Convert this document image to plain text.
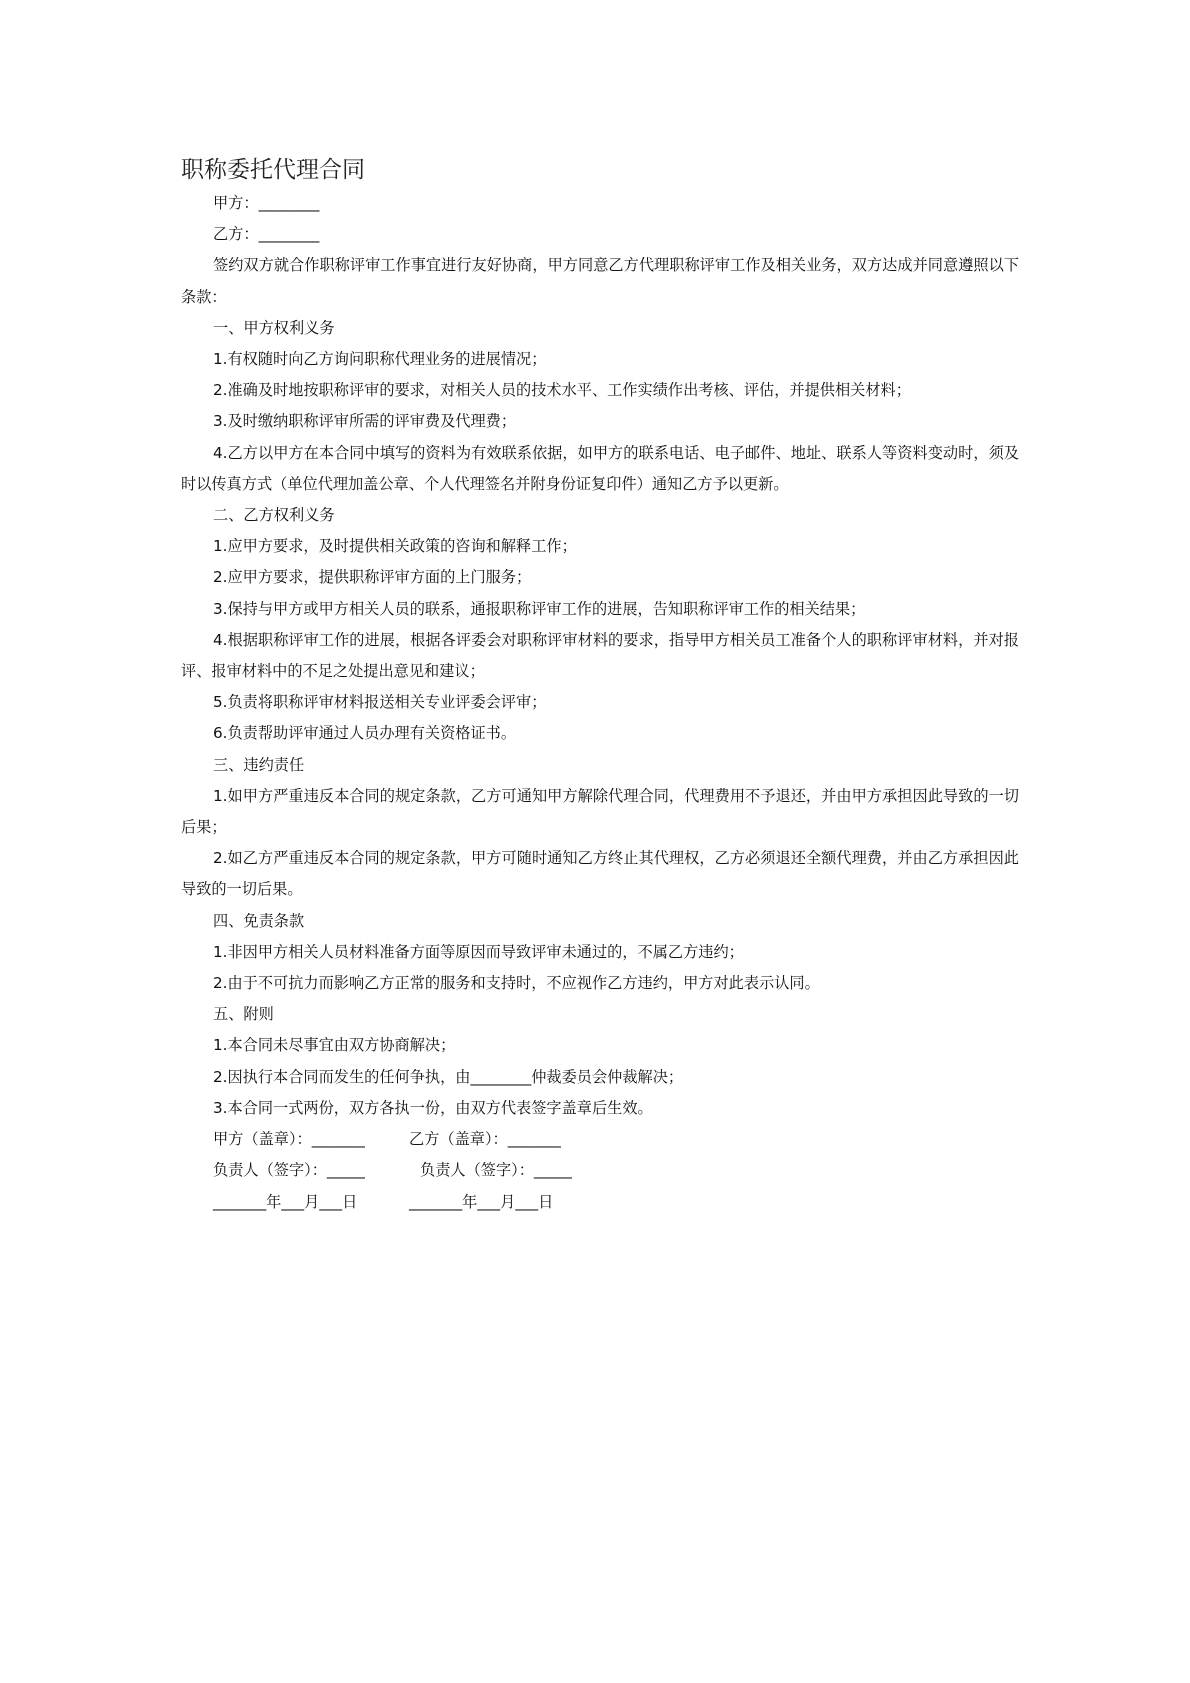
职称委托代理合同

甲方：________

乙方：________

签约双方就合作职称评审工作事宜进行友好协商，甲方同意乙方代理职称评审工作及相关业务，双方达成并同意遵照以下条款：

一、甲方权利义务

1.有权随时向乙方询问职称代理业务的进展情况；

2.准确及时地按职称评审的要求，对相关人员的技术水平、工作实绩作出考核、评估，并提供相关材料；

3.及时缴纳职称评审所需的评审费及代理费；

4.乙方以甲方在本合同中填写的资料为有效联系依据，如甲方的联系电话、电子邮件、地址、联系人等资料变动时，须及时以传真方式（单位代理加盖公章、个人代理签名并附身份证复印件）通知乙方予以更新。

二、乙方权利义务

1.应甲方要求，及时提供相关政策的咨询和解释工作；

2.应甲方要求，提供职称评审方面的上门服务；

3.保持与甲方或甲方相关人员的联系，通报职称评审工作的进展，告知职称评审工作的相关结果；

4.根据职称评审工作的进展，根据各评委会对职称评审材料的要求，指导甲方相关员工准备个人的职称评审材料，并对报评、报审材料中的不足之处提出意见和建议；

5.负责将职称评审材料报送相关专业评委会评审；

6.负责帮助评审通过人员办理有关资格证书。

三、违约责任

1.如甲方严重违反本合同的规定条款，乙方可通知甲方解除代理合同，代理费用不予退还，并由甲方承担因此导致的一切后果；

2.如乙方严重违反本合同的规定条款，甲方可随时通知乙方终止其代理权，乙方必须退还全额代理费，并由乙方承担因此导致的一切后果。

四、免责条款

1.非因甲方相关人员材料准备方面等原因而导致评审未通过的，不属乙方违约；

2.由于不可抗力而影响乙方正常的服务和支持时，不应视作乙方违约，甲方对此表示认同。

五、附则

1.本合同未尽事宜由双方协商解决；

2.因执行本合同而发生的任何争执，由________仲裁委员会仲裁解决；

3.本合同一式两份，双方各执一份，由双方代表签字盖章后生效。

甲方（盖章）：_______	乙方（盖章）：_______

负责人（签字）：_____	负责人（签字）：_____

_______年___月___日	_______年___月___日
